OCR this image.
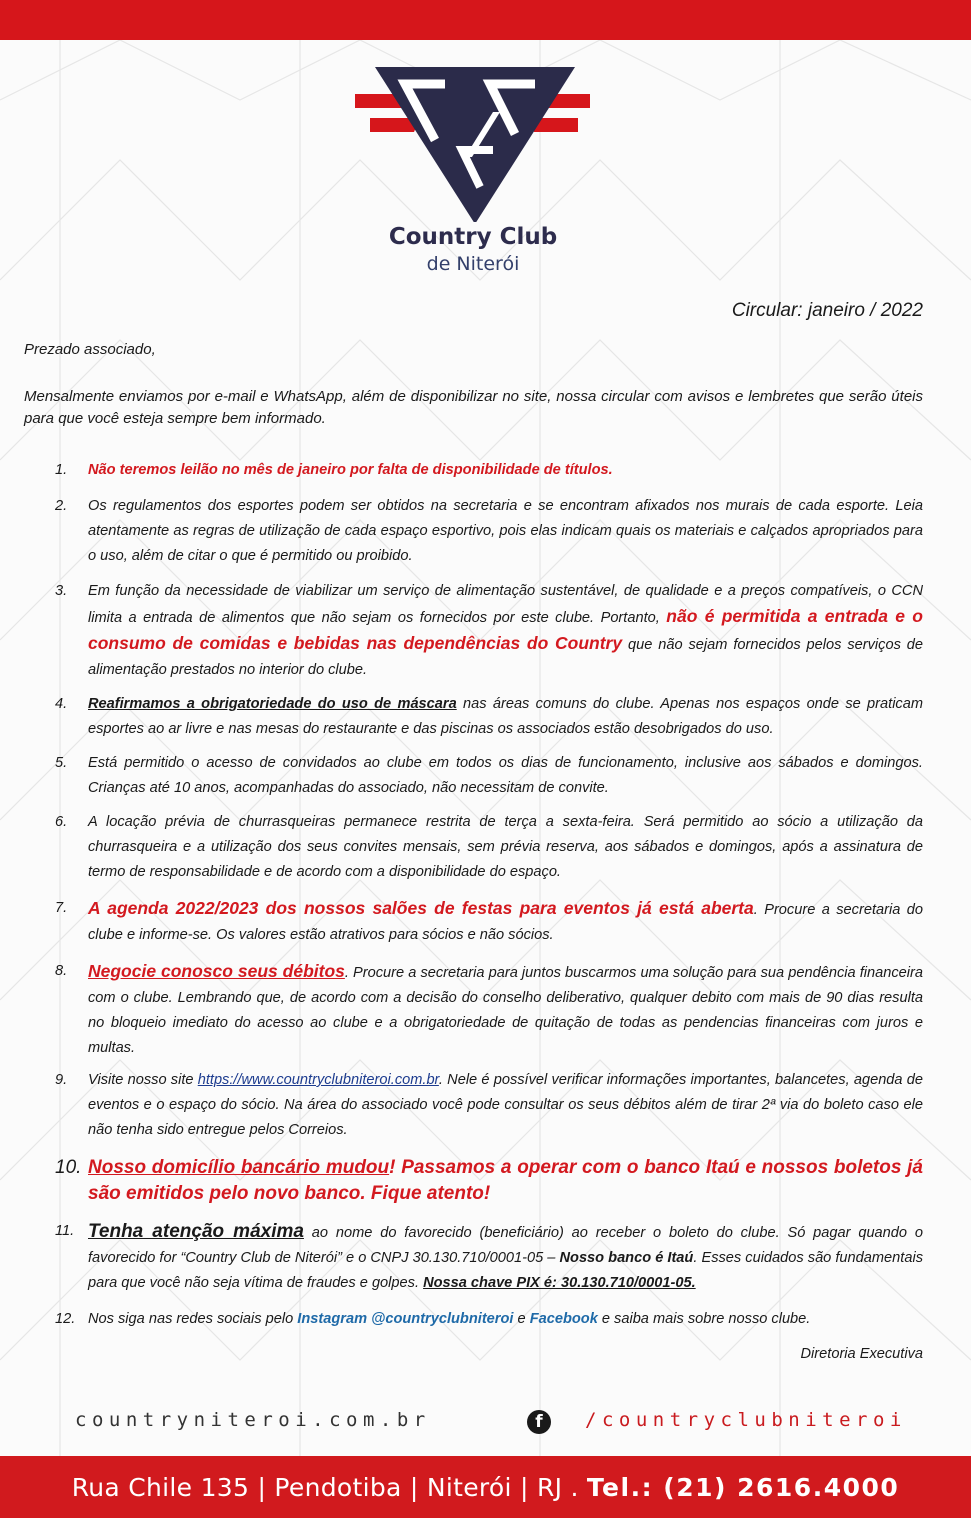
Country Club
de Niterói
Circular: janeiro / 2022
Prezado associado,
Mensalmente enviamos por e-mail e WhatsApp, além de disponibilizar no site, nossa circular com avisos e lembretes que serão úteis para que você esteja sempre bem informado.
1. Não teremos leilão no mês de janeiro por falta de disponibilidade de títulos.
2. Os regulamentos dos esportes podem ser obtidos na secretaria e se encontram afixados nos murais de cada esporte. Leia atentamente as regras de utilização de cada espaço esportivo, pois elas indicam quais os materiais e calçados apropriados para o uso, além de citar o que é permitido ou proibido.
3. Em função da necessidade de viabilizar um serviço de alimentação sustentável, de qualidade e a preços compatíveis, o CCN limita a entrada de alimentos que não sejam os fornecidos por este clube. Portanto, não é permitida a entrada e o consumo de comidas e bebidas nas dependências do Country que não sejam fornecidos pelos serviços de alimentação prestados no interior do clube.
4. Reafirmamos a obrigatoriedade do uso de máscara nas áreas comuns do clube. Apenas nos espaços onde se praticam esportes ao ar livre e nas mesas do restaurante e das piscinas os associados estão desobrigados do uso.
5. Está permitido o acesso de convidados ao clube em todos os dias de funcionamento, inclusive aos sábados e domingos. Crianças até 10 anos, acompanhadas do associado, não necessitam de convite.
6. A locação prévia de churrasqueiras permanece restrita de terça a sexta-feira. Será permitido ao sócio a utilização da churrasqueira e a utilização dos seus convites mensais, sem prévia reserva, aos sábados e domingos, após a assinatura de termo de responsabilidade e de acordo com a disponibilidade do espaço.
7. A agenda 2022/2023 dos nossos salões de festas para eventos já está aberta. Procure a secretaria do clube e informe-se. Os valores estão atrativos para sócios e não sócios.
8. Negocie conosco seus débitos. Procure a secretaria para juntos buscarmos uma solução para sua pendência financeira com o clube. Lembrando que, de acordo com a decisão do conselho deliberativo, qualquer debito com mais de 90 dias resulta no bloqueio imediato do acesso ao clube e a obrigatoriedade de quitação de todas as pendencias financeiras com juros e multas.
9. Visite nosso site https://www.countryclubniteroi.com.br. Nele é possível verificar informações importantes, balancetes, agenda de eventos e o espaço do sócio. Na área do associado você pode consultar os seus débitos além de tirar 2ª via do boleto caso ele não tenha sido entregue pelos Correios.
10. Nosso domicílio bancário mudou! Passamos a operar com o banco Itaú e nossos boletos já são emitidos pelo novo banco. Fique atento!
11. Tenha atenção máxima ao nome do favorecido (beneficiário) ao receber o boleto do clube. Só pagar quando o favorecido for “Country Club de Niterói” e o CNPJ 30.130.710/0001-05 – Nosso banco é Itaú. Esses cuidados são fundamentais para que você não seja vítima de fraudes e golpes. Nossa chave PIX é: 30.130.710/0001-05.
12. Nos siga nas redes sociais pelo Instagram @countryclubniteroi e Facebook e saiba mais sobre nosso clube.
Diretoria Executiva
countryniteroi.com.br	f	/countryclubniteroi
Rua Chile 135 | Pendotiba | Niterói | RJ . Tel.: (21) 2616.4000
